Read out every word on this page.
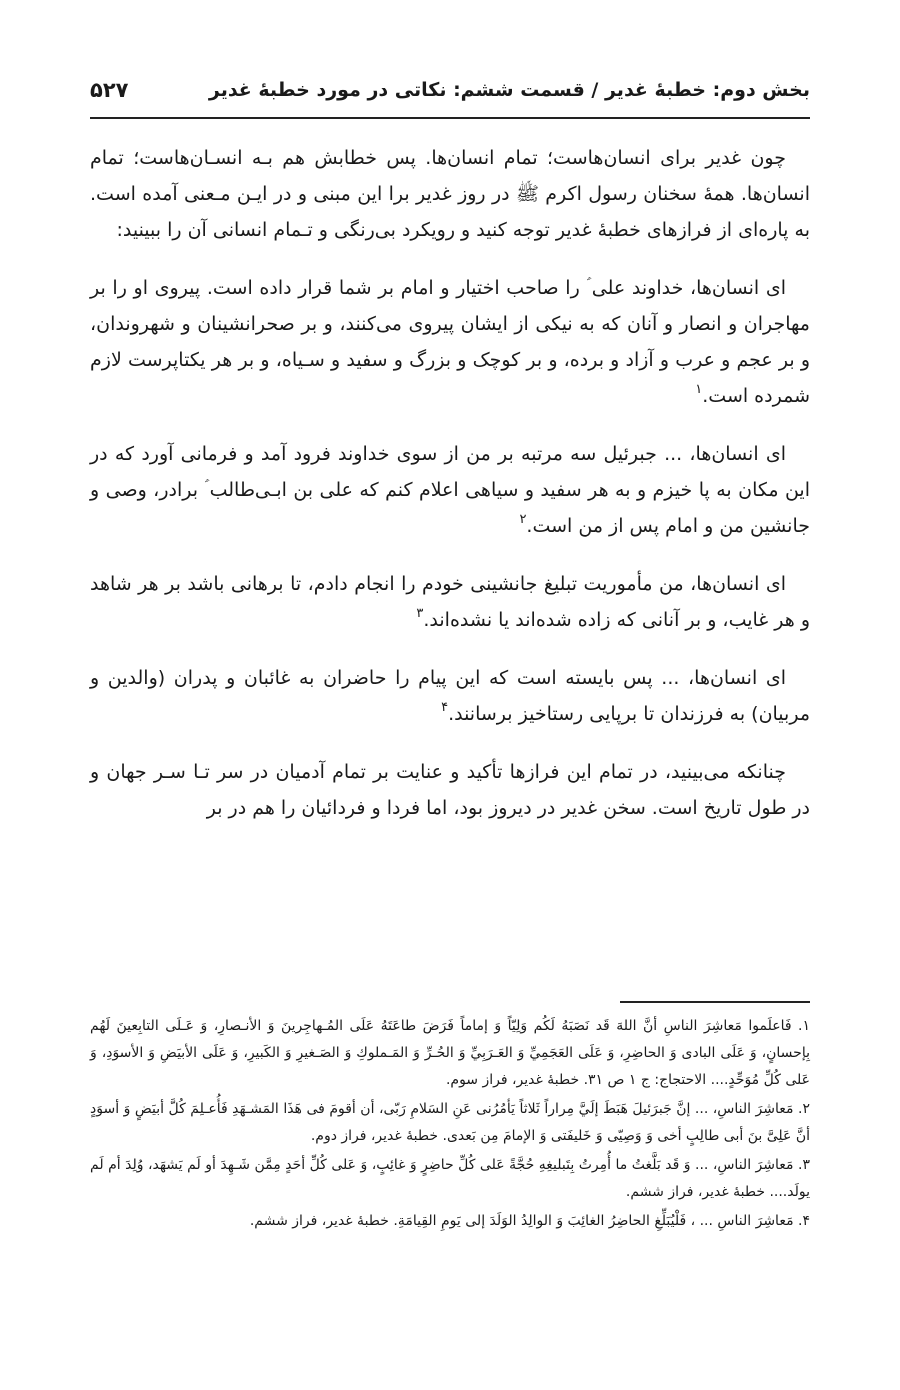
بخش دوم: خطبهٔ غدیر / قسمت ششم: نکاتی در مورد خطبهٔ غدیر
۵۲۷

چون غدیر برای انسان‌هاست؛ تمام انسان‌ها. پس خطابش هم بـه انسـان‌هاست؛ تمام انسان‌ها. همهٔ سخنان رسول اکرم ﷺ در روز غدیر برا این مبنی و در ایـن مـعنی آمده است. به پاره‌ای از فرازهای خطبهٔ غدیر توجه کنید و رویکرد بی‌رنگی و تـمام انسانی آن را ببینید:

ای انسان‌ها، خداوند علی ؑ را صاحب اختیار و امام بر شما قرار داده است. پیروی او را بر مهاجران و انصار و آنان که به نیکی از ایشان پیروی می‌کنند، و بر صحرانشینان و شهروندان، و بر عجم و عرب و آزاد و برده، و بر کوچک و بزرگ و سفید و سـیاه، و بر هر یکتاپرست لازم شمرده است.$^۱$

ای انسان‌ها، ... جبرئیل سه مرتبه بر من از سوی خداوند فرود آمد و فرمانی آورد که در این مکان به پا خیزم و به هر سفید و سیاهی اعلام کنم که علی بن ابـی‌طالب ؑ برادر، وصی و جانشین من و امام پس از من است.$^۲$

ای انسان‌ها، من مأموریت تبلیغ جانشینی خودم را انجام دادم، تا برهانی باشد بر هر شاهد و هر غایب، و بر آنانی که زاده شده‌اند یا نشده‌اند.$^۳$

ای انسان‌ها، ... پس بایسته است که این پیام را حاضران به غائبان و پدران (والدین و مربیان) به فرزندان تا برپایی رستاخیز برسانند.$^۴$

چنانکه می‌بینید، در تمام این فرازها تأکید و عنایت بر تمام آدمیان در سر تـا سـر جهان و در طول تاریخ است. سخن غدیر در دیروز بود، اما فردا و فردائیان را هم در بر

۱. فَاعلَموا مَعاشِرَ الناسِ أنَّ اللهَ قَد نَصَبَهُ لَكُم وَلِيّاً وَ إماماً فَرَضَ طاعَتَهُ عَلَى المُـهاجِرينَ وَ الأنـصارِ، وَ عَـلَى التابِعينَ لَهُم بِإحسانٍ، وَ عَلَى البادی وَ الحاضِرِ، وَ عَلَى العَجَمِيِّ وَ العَـرَبِيِّ وَ الحُـرِّ وَ المَـملوكِ وَ الصَـغيرِ وَ الكَبيرِ، وَ عَلَى الأبيَضِ وَ الأسوَدِ، وَ عَلى كُلِّ مُوَحِّدٍ.... الاحتجاج: ج ۱ ص ۳۱. خطبهٔ غدیر، فراز سوم.

۲. مَعاشِرَ الناسِ، ... إنَّ جَبرَئيلَ هَبَطَ إلَيَّ مِراراً ثَلاثاً يَأمُرُنی عَنِ السَلامِ رَبّی، أن أقومَ فی هَذَا المَشـهَدِ فَأُعـلِمَ كُلَّ أبيَضٍ وَ أسوَدٍ أنَّ عَلِیَّ بنَ أبی طالِبٍ أخی وَ وَصِیّی وَ خَليفَتی وَ الإمامَ مِن بَعدی. خطبهٔ غدیر، فراز دوم.

۳. مَعاشِرَ الناسِ، ... وَ قَد بَلَّغتُ ما أُمِرتُ بِتَبليغِهِ حُجَّةً عَلى كُلِّ حاضِرٍ وَ غائِبٍ، وَ عَلى كُلِّ أحَدٍ مِمَّن شَـهِدَ أو لَم يَشهَد، وُلِدَ أم لَم يولَد.... خطبهٔ غدیر، فراز ششم.

۴. مَعاشِرَ الناسِ ... ، فَلْيُبَلِّغِ الحاضِرُ الغائِبَ وَ الوالِدُ الوَلَدَ إلى يَومِ القِيامَةِ. خطبهٔ غدیر، فراز ششم.
